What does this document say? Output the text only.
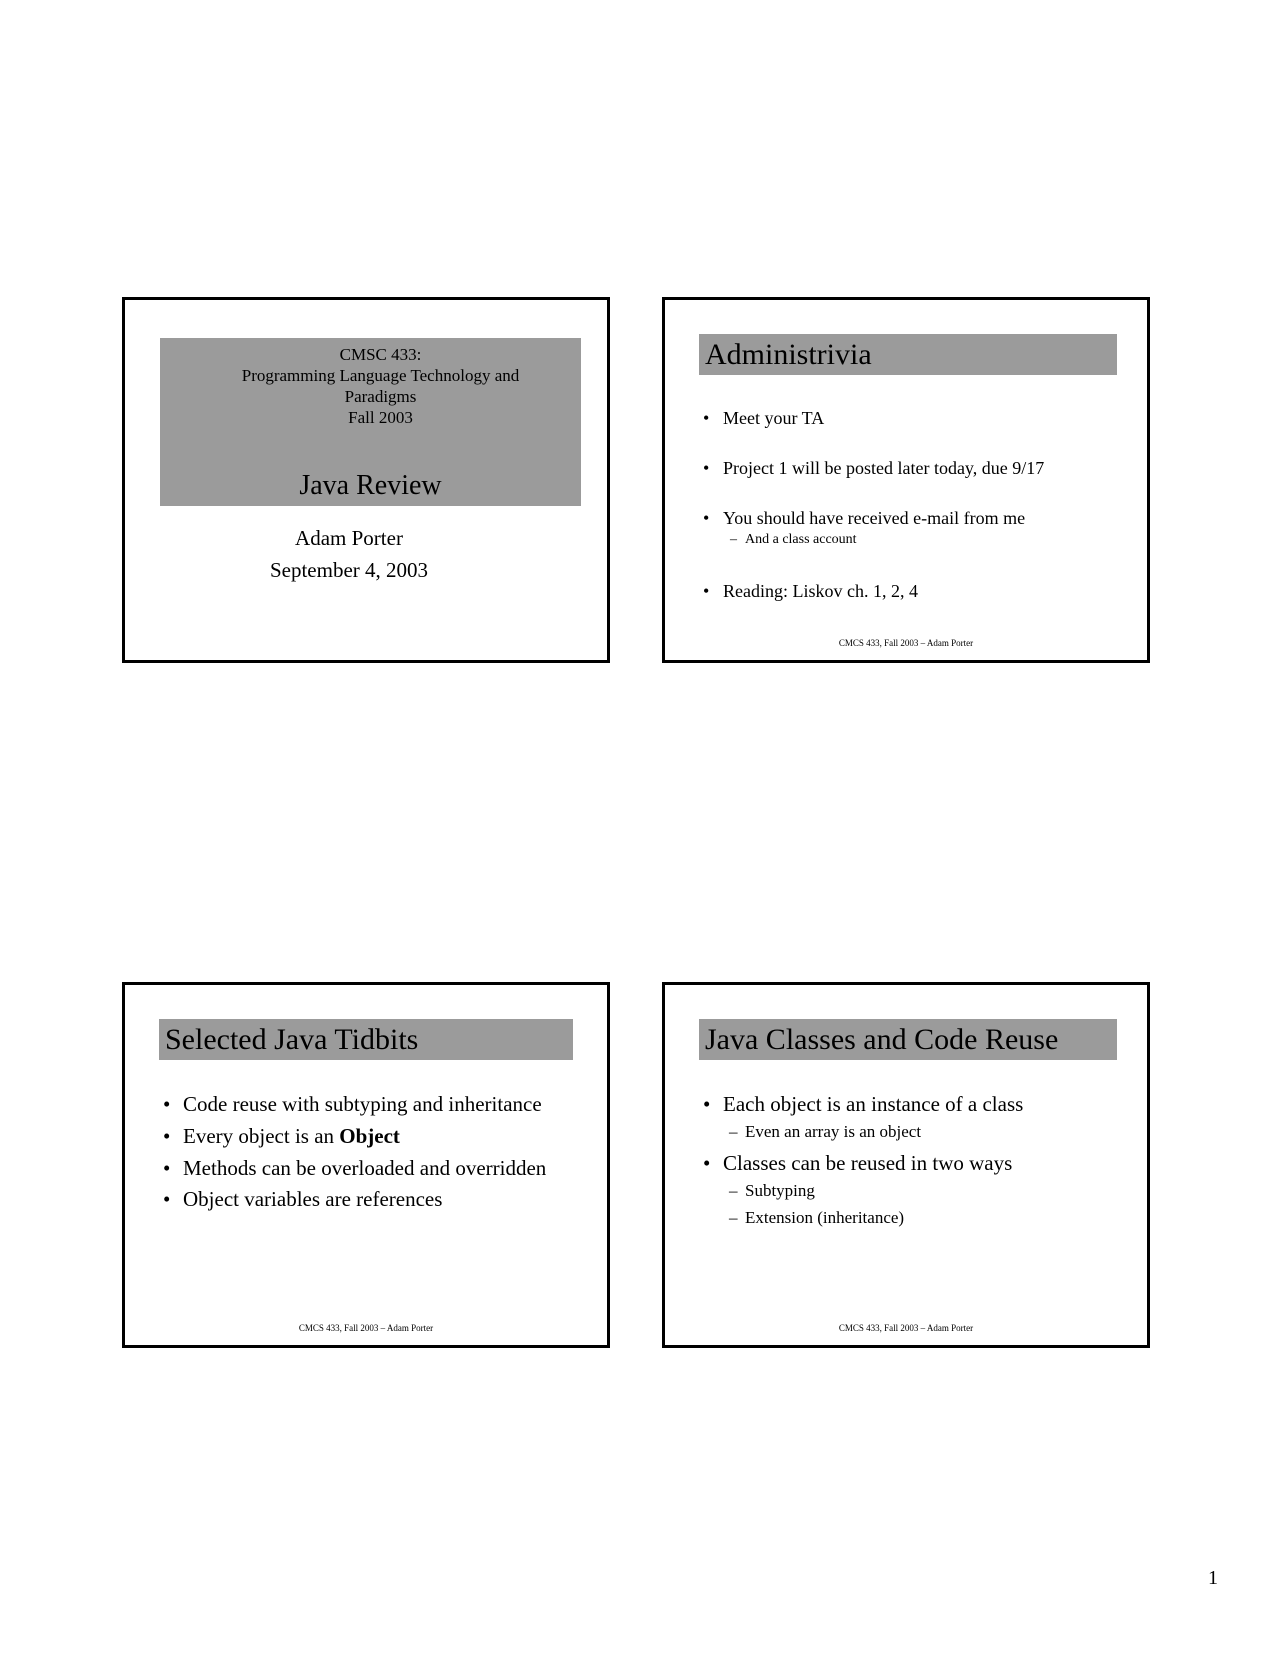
CMSC 433:
Programming Language Technology and
Paradigms
Fall 2003
Java Review
Adam Porter
September 4, 2003
Administrivia
• Meet your TA
• Project 1 will be posted later today, due 9/17
• You should have received e-mail from me
– And a class account
• Reading: Liskov ch. 1, 2, 4
CMCS 433, Fall 2003 – Adam Porter
Selected Java Tidbits
• Code reuse with subtyping and inheritance
• Every object is an Object
• Methods can be overloaded and overridden
• Object variables are references
CMCS 433, Fall 2003 – Adam Porter
Java Classes and Code Reuse
• Each object is an instance of a class
– Even an array is an object
• Classes can be reused in two ways
– Subtyping
– Extension (inheritance)
CMCS 433, Fall 2003 – Adam Porter
1
